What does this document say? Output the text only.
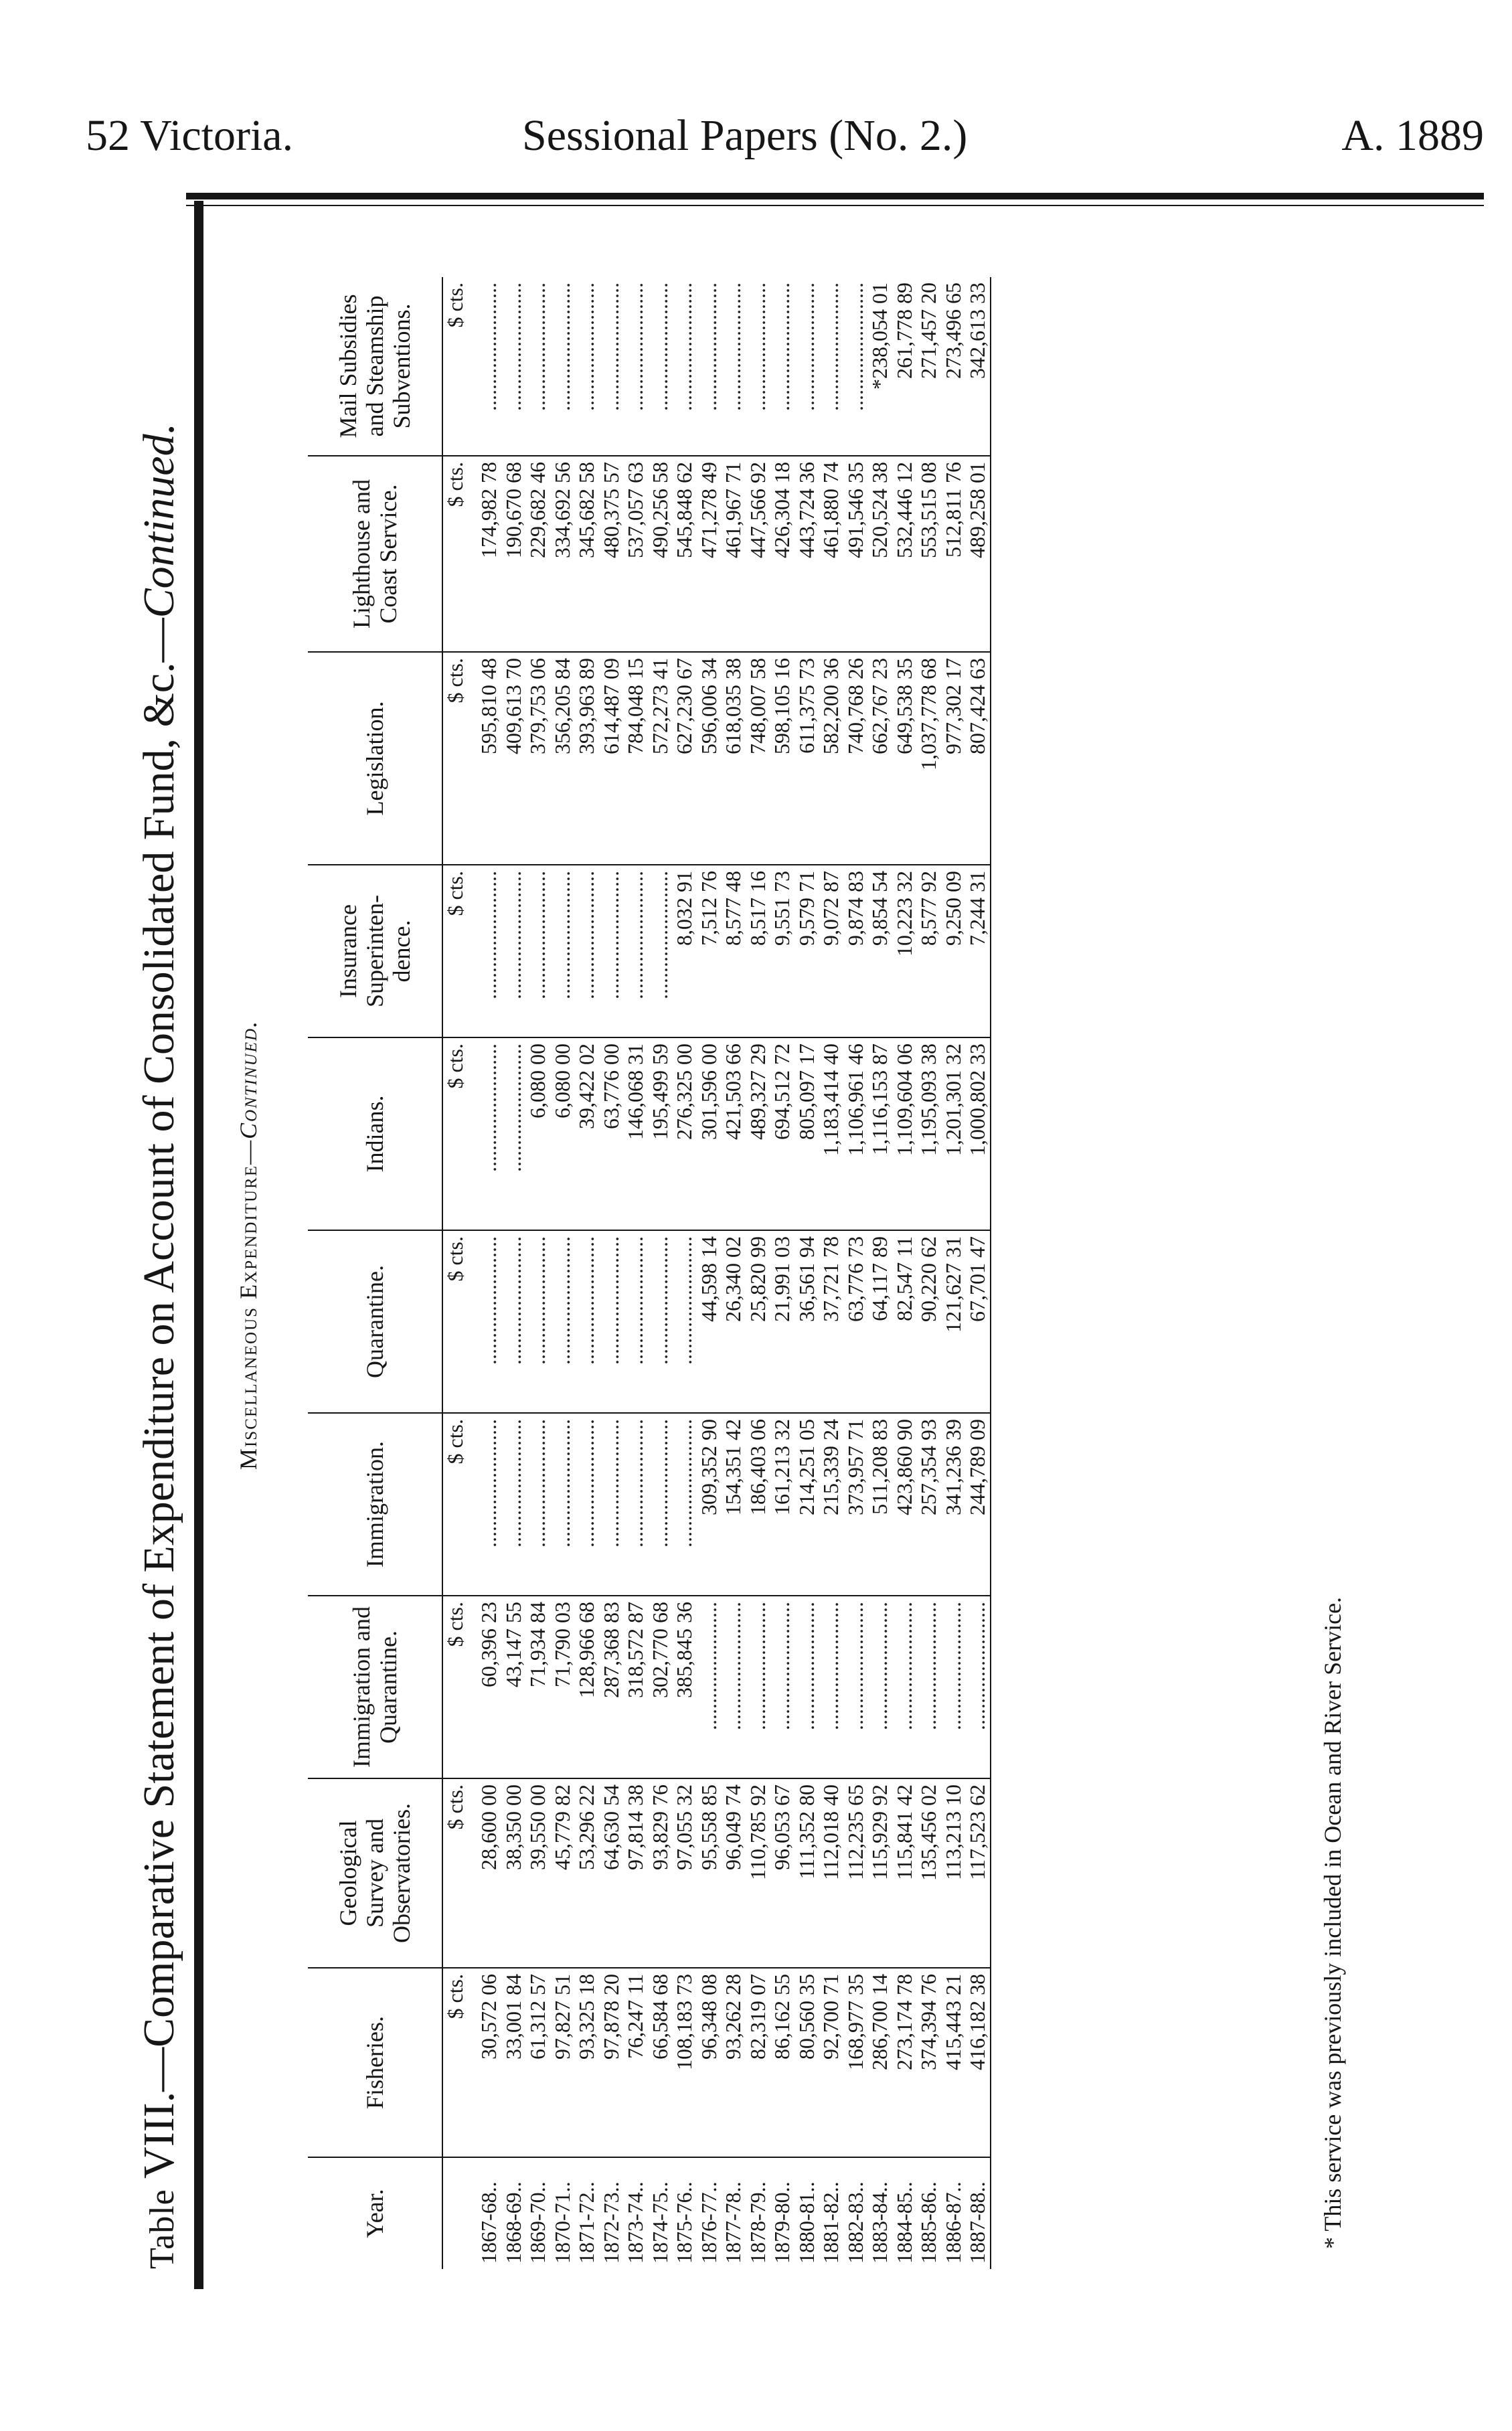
52 Victoria.	Sessional Papers (No. 2.)	A. 1889
Table VIII.—Comparative Statement of Expenditure on Account of Consolidated Fund, &c.—Continued.
Miscellaneous Expenditure—Continued.
Year.	Fisheries.	Geological Survey and Observatories.	Immigration and Quarantine.	Immigration.	Quarantine.	Indians.	Insurance Superinten-dence.	Legislation.	Lighthouse and Coast Service.	Mail Subsidies and Steamship Subventions.
	$ cts.	$ cts.	$ cts.	$ cts.	$ cts.	$ cts.	$ cts.	$ cts.	$ cts.	$ cts.
1867-68..	30,572 06	28,600 00	60,396 23	........................	........................	........................	........................	595,810 48	174,982 78	........................
1868-69..	33,001 84	38,350 00	43,147 55	........................	........................	........................	........................	409,613 70	190,670 68	........................
1869-70..	61,312 57	39,550 00	71,934 84	........................	........................	6,080 00	........................	379,753 06	229,682 46	........................
1870-71..	97,827 51	45,779 82	71,790 03	........................	........................	6,080 00	........................	356,205 84	334,692 56	........................
1871-72..	93,325 18	53,296 22	128,966 68	........................	........................	39,422 02	........................	393,963 89	345,682 58	........................
1872-73..	97,878 20	64,630 54	287,368 83	........................	........................	63,776 00	........................	614,487 09	480,375 57	........................
1873-74..	76,247 11	97,814 38	318,572 87	........................	........................	146,068 31	........................	784,048 15	537,057 63	........................
1874-75..	66,584 68	93,829 76	302,770 68	........................	........................	195,499 59	........................	572,273 41	490,256 58	........................
1875-76..	108,183 73	97,055 32	385,845 36	........................	........................	276,325 00	8,032 91	627,230 67	545,848 62	........................
1876-77..	96,348 08	95,558 85	........................	309,352 90	44,598 14	301,596 00	7,512 76	596,006 34	471,278 49	........................
1877-78..	93,262 28	96,049 74	........................	154,351 42	26,340 02	421,503 66	8,577 48	618,035 38	461,967 71	........................
1878-79..	82,319 07	110,785 92	........................	186,403 06	25,820 99	489,327 29	8,517 16	748,007 58	447,566 92	........................
1879-80..	86,162 55	96,053 67	........................	161,213 32	21,991 03	694,512 72	9,551 73	598,105 16	426,304 18	........................
1880-81..	80,560 35	111,352 80	........................	214,251 05	36,561 94	805,097 17	9,579 71	611,375 73	443,724 36	........................
1881-82..	92,700 71	112,018 40	........................	215,339 24	37,721 78	1,183,414 40	9,072 87	582,200 36	461,880 74	........................
1882-83..	168,977 35	112,235 65	........................	373,957 71	63,776 73	1,106,961 46	9,874 83	740,768 26	491,546 35	........................
1883-84..	286,700 14	115,929 92	........................	511,208 83	64,117 89	1,116,153 87	9,854 54	662,767 23	520,524 38	*238,054 01
1884-85..	273,174 78	115,841 42	........................	423,860 90	82,547 11	1,109,604 06	10,223 32	649,538 35	532,446 12	261,778 89
1885-86..	374,394 76	135,456 02	........................	257,354 93	90,220 62	1,195,093 38	8,577 92	1,037,778 68	553,515 08	271,457 20
1886-87..	415,443 21	113,213 10	........................	341,236 39	121,627 31	1,201,301 32	9,250 09	977,302 17	512,811 76	273,496 65
1887-88..	416,182 38	117,523 62	........................	244,789 09	67,701 47	1,000,802 33	7,244 31	807,424 63	489,258 01	342,613 33
* This service was previously included in Ocean and River Service.
